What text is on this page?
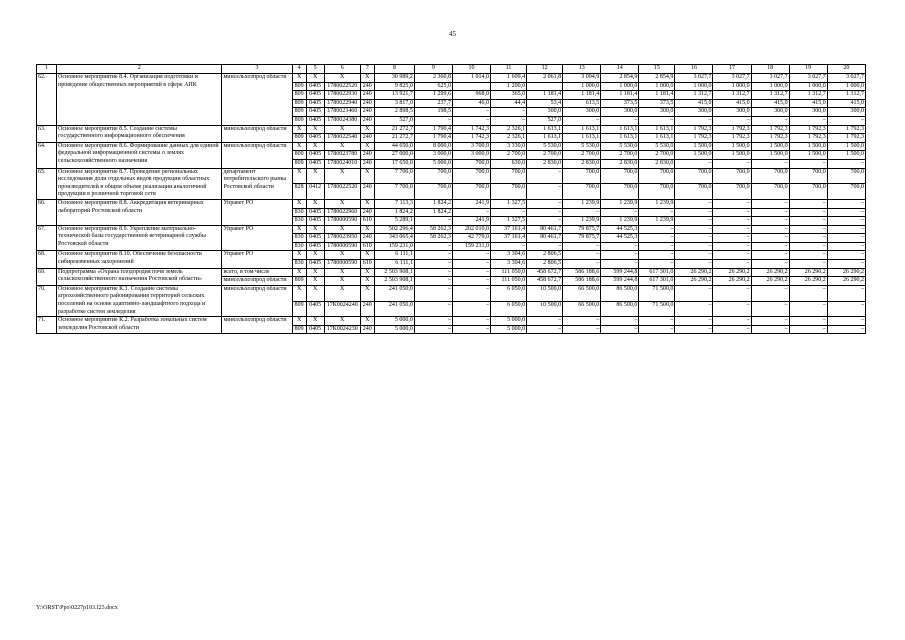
45
1	2	3	4	5	6	7	8	9	10	11	12	13	14	15	16	17	18	19	20
62.	Основное мероприятие 8.4. Организация подготовки и проведение общественных мероприятий в сфере АПК	минсельхозпрод области	Х	Х	Х	Х	30 989,2	2 360,8	1 014,0	1 609,4	2 061,8	3 094,9	2 854,9	2 854,9	3 027,7	3 027,7	3 027,7	3 027,7	3 027,7
			809	0405	1780022520	240	9 825,0	625,0		1 200,0		1 000,0	1 000,0	1 000,0	1 000,0	1 000,0	1 000,0	1 000,0	1 000,0
			809	0405	1780022930	240	13 921,7	1 299,6	968,0	365,0	1 181,4	1 181,4	1 181,4	1 181,4	1 312,7	1 312,7	1 312,7	1 312,7	1 312,7
			809	0405	1780022940	240	3 817,0	237,7	46,0	44,4	53,4	613,5	373,5	373,5	415,0	415,0	415,0	415,0	415,0
			809	0405	1780023460	240	2 898,5	198,5	–	–	300,0	300,0	300,0	300,0	300,0	300,0	300,0	300,0	300,0
			809	0405	1780024380	240	527,0	–	–	–	527,0	–	–	–	–	–	–	–	–
63.	Основное мероприятие 8.5. Создание системы государственного информационного обеспечения	минсельхозпрод области	Х	Х	Х	Х	21 272,7	1 790,4	1 742,3	2 326,1	1 613,1	1 613,1	1 613,1	1 613,1	1 792,3	1 792,3	1 792,3	1 792,3	1 792,3
			809	0405	1780022540	240	21 272,7	1 790,4	1 742,3	2 326,1	1 613,1	1 613,1	1 613,1	1 613,1	1 792,3	1 792,3	1 792,3	1 792,3	1 792,3
64.	Основное мероприятие 8.6. Формирование данных для единой федеральной информационной системы о землях сельскохозяйственного назначения	минсельхозпрод области	Х	Х	Х	Х	44 650,0	8 000,0	3 700,0	3 330,0	5 530,0	5 530,0	5 530,0	5 530,0	1 500,0	1 500,0	1 500,0	1 500,0	1 500,0
			809	0405	1780023780	240	27 000,0	3 000,0	3 000,0	2 700,0	2 700,0	2 700,0	2 700,0	2 700,0	1 500,0	1 500,0	1 500,0	1 500,0	1 500,0
			809	0405	1780024010	240	17 650,0	5 000,0	700,0	630,0	2 830,0	2 830,0	2 830,0	2 830,0	–	–	–	–	–
65.	Основное мероприятие 8.7. Проведение региональных исследования доли отдельных видов продукции областных производителей в общем объеме реализации аналогичной продукции в розничной торговой сети	департамент потребительского рынка Ростовской области	Х	Х	Х	Х	7 700,0	700,0	700,0	700,0	–	700,0	700,0	700,0	700,0	700,0	700,0	700,0	700,0
			828	0412	1780022520	240	7 700,0	700,0	700,0	700,0	–	700,0	700,0	700,0	700,0	700,0	700,0	700,0	700,0
66.	Основное мероприятие 8.8. Аккредитация ветеринарных лабораторий Ростовской области	Управет РО	Х	Х	Х	Х	7 113,3	1 824,2	241,9	1 327,5	–	1 239,9	1 239,9	1 239,9	–	–	–	–	–
			830	0405	1780022960	240	1 824,2	1 824,2	–	–	–	–	–	–	–	–	–	–	–
			830	0405	1780000590	610	5 289,1	–	241,9	1 327,5	–	1 239,9	1 239,9	1 239,9	–	–	–	–	–
67.	Основное мероприятие 8.9. Укрепление материально-технической базы государственной ветеринарной службы Ростовской области	Управет РО	Х	Х	Х	Х	502 296,4	58 262,3	202 010,0	37 161,4	80 461,7	79 875,7	44 525,3	–	–	–	–	–	–
			830	0405	1780023950	240	343 065,4	58 262,3	42 779,0	37 161,4	80 461,7	79 875,7	44 525,3	–	–	–	–	–	–
			830	0405	1780000590	610	159 231,0	–	159 231,0	–	–	–	–	–	–	–	–	–	–
68.	Основное мероприятие 8.10. Обеспечение безопасности сибиреязвенных захоронений	Управет РО	Х	Х	Х	Х	6 111,1	–	–	3 304,6	2 806,5	–	–	–	–	–	–	–	–
			830	0405	1780000590	610	6 111,1	–	–	3 304,6	2 806,5	–	–	–	–	–	–	–	–
69.	Подпрограмма «Охрана плодородия почв земель сельскохозяйственного назначения Ростовской области»	всего, в том числе	Х	Х	Х	Х	2 503 908,1	–	–	111 050,0	458 672,7	586 188,6	599 244,8	617 301,0	26 290,2	26 290,2	26 290,2	26 290,2	26 290,2
		минсельхозпрод области	809	Х	Х	Х	2 503 908,1	–	–	111 050,0	458 672,7	586 188,6	599 244,8	617 301,0	26 290,2	26 290,2	26 290,2	26 290,2	26 290,2
70.	Основное мероприятие К.1. Создание системы агрохозяйственного районирования территорий сельских поселений на основе адаптивно-ландшафтного подхода и разработке систем земледелия	минсельхозпрод области	Х	Х	Х	Х	241 050,0	–	–	6 050,0	10 500,0	66 500,0	86 500,0	71 500,0	–	–	–	–	–
			809	0405	17К0024240	240	241 050,0	–	–	6 050,0	10 500,0	66 500,0	86 500,0	71 500,0	–	–	–	–	–
71.	Основное мероприятие К.2. Разработка зональных систем земледелия Ростовской области	минсельхозпрод области	Х	Х	Х	Х	5 000,0	–	–	5 000,0	–	–	–	–	–	–	–	–	–
			809	0405	17К0024230	240	5 000,0	–	–	5 000,0	–	–	–	–	–	–	–	–	–
Y:\ORST\Ppo\0227p103.f23.docx
